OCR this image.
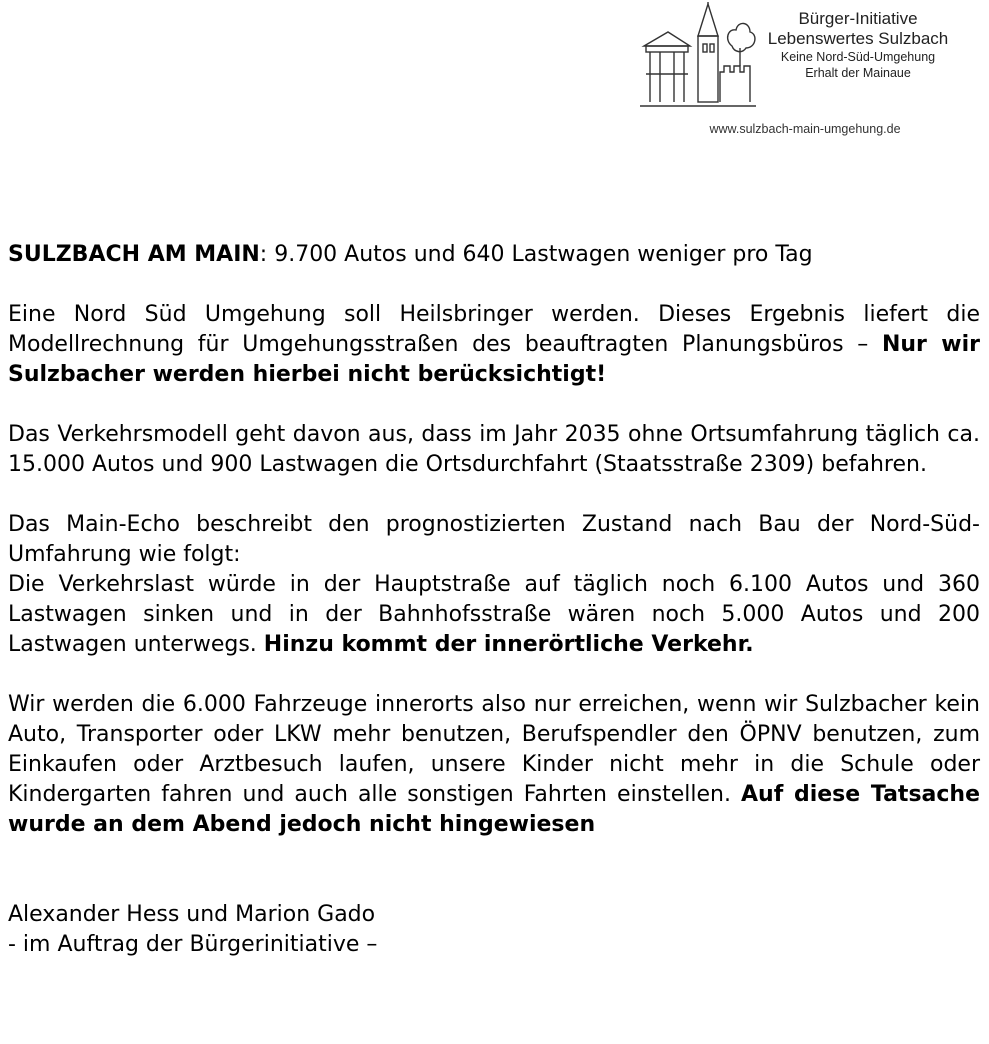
Bürger-Initiative
Lebenswertes Sulzbach
Keine Nord-Süd-Umgehung
Erhalt der Mainaue
www.sulzbach-main-umgehung.de

SULZBACH AM MAIN: 9.700 Autos und 640 Lastwagen weniger pro Tag

Eine Nord Süd Umgehung soll Heilsbringer werden. Dieses Ergebnis liefert die Modellrechnung für Umgehungsstraßen des beauftragten Planungsbüros – Nur wir Sulzbacher werden hierbei nicht berücksichtigt!

Das Verkehrsmodell geht davon aus, dass im Jahr 2035 ohne Ortsumfahrung täglich ca. 15.000 Autos und 900 Lastwagen die Ortsdurchfahrt (Staatsstraße 2309) befahren.

Das Main-Echo beschreibt den prognostizierten Zustand nach Bau der Nord-Süd-Umfahrung wie folgt:
Die Verkehrslast würde in der Hauptstraße auf täglich noch 6.100 Autos und 360 Lastwagen sinken und in der Bahnhofsstraße wären noch 5.000 Autos und 200 Lastwagen unterwegs. Hinzu kommt der innerörtliche Verkehr.

Wir werden die 6.000 Fahrzeuge innerorts also nur erreichen, wenn wir Sulzbacher kein Auto, Transporter oder LKW mehr benutzen, Berufspendler den ÖPNV benutzen, zum Einkaufen oder Arztbesuch laufen, unsere Kinder nicht mehr in die Schule oder Kindergarten fahren und auch alle sonstigen Fahrten einstellen. Auf diese Tatsache wurde an dem Abend jedoch nicht hingewiesen

Alexander Hess und Marion Gado

- im Auftrag der Bürgerinitiative –
